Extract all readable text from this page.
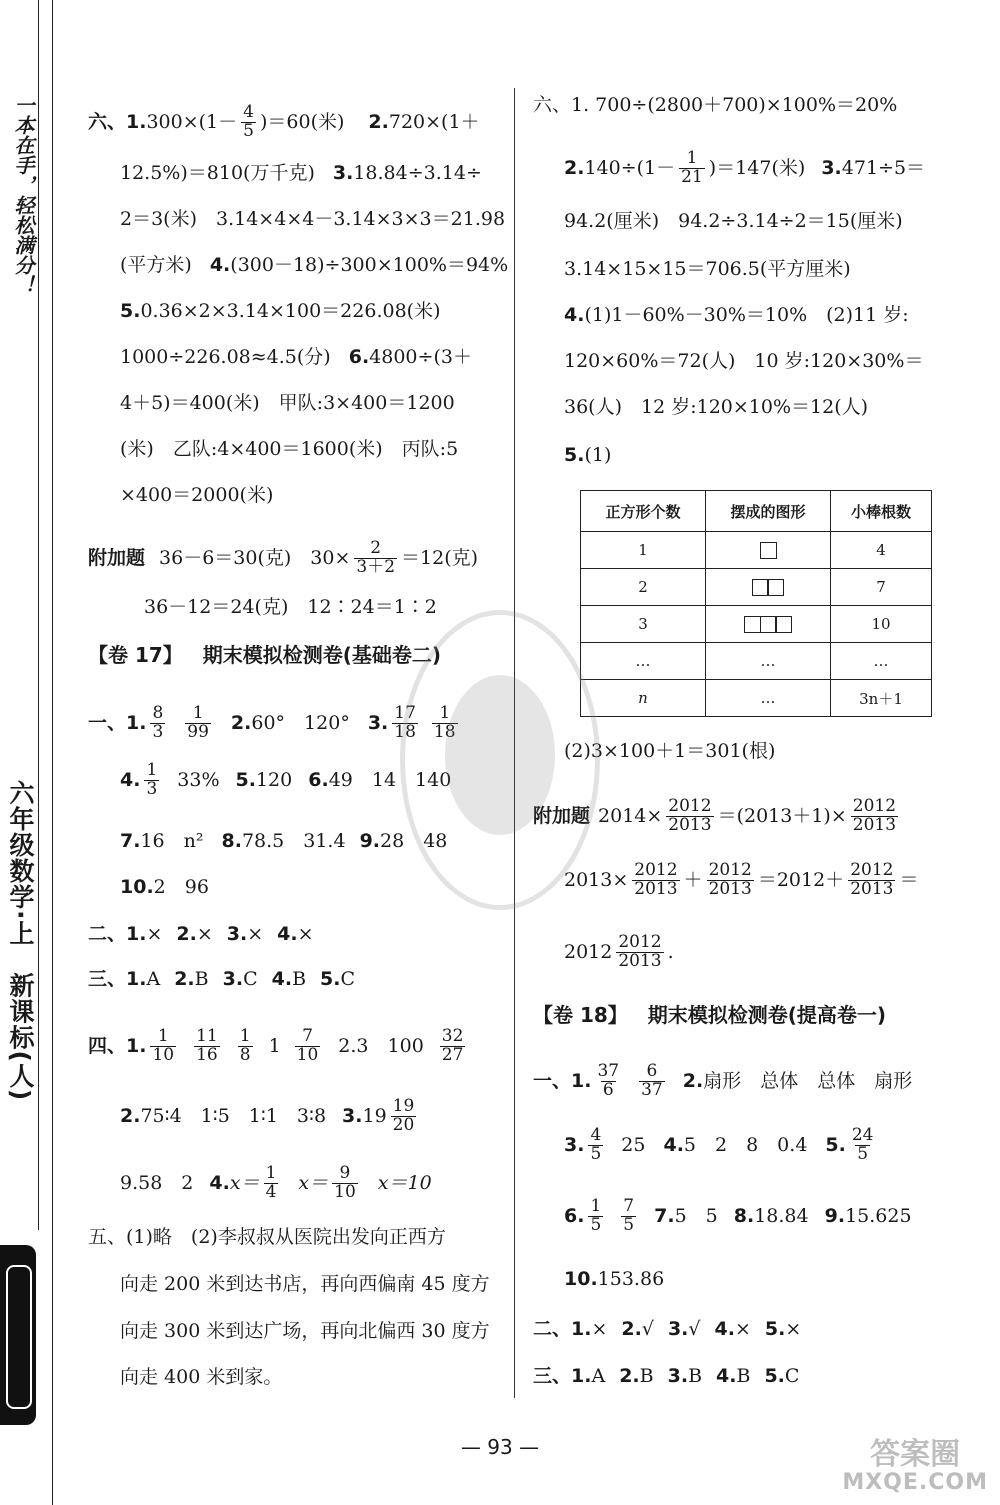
一本在手，轻松满分！
六年级数学·上　新课标(人)
六、1. $300\times (1- \frac{4}{5} )=60$(米) 2. 720×(1＋
12.5%)＝810(万千克) 3. 18.84÷3.14÷
2＝3(米)　3.14×4×4－3.14×3×3＝21.98
(平方米) 4. (300－18)÷300×100%＝94%
5. 0.36×2×3.14×100＝226.08(米)
1000÷226.08≈4.5(分) 6. 4800÷(3＋
4＋5)＝400(米)　甲队:3×400＝1200
(米)　乙队:4×400＝1600(米)　丙队:5
×400＝2000(米)
附加题 36－6＝30(克)　$30\times \frac{2}{3+2} =12$(克)
36－12＝24(克)　12∶24＝1∶2
【卷 17】 期末模拟检测卷(基础卷二)
一、1. $\frac{8}{3} \frac{1}{99} 2$. 60°　120° 3. $\frac{17}{18} \frac{1}{18}$
4. $\frac{1}{3} 33\%$ 5. 120 6. 49　14　140
7. 16　n² 8. 78.5　31.4 9. 28　48
10. 2　96
二、1. × 2. × 3. × 4. ×
三、1. A 2. B 3. C 4. B 5. C
四、1. $\frac{1}{10} \frac{11}{16} \frac{1}{8} 1 \frac{7}{10} 2.3$　$100 \frac{32}{27}$
2. 75∶4　1∶5　1∶1　3∶8 3. $19 \frac{19}{20}$
9.58　2 4. $x= \frac{1}{4} x= \frac{9}{10} x=10$
五、(1)略　(2)李叔叔从医院出发向正西方
向走 200 米到达书店，再向西偏南 45 度方
向走 300 米到达广场，再向北偏西 30 度方
向走 400 米到家。
六、1. 700÷(2800＋700)×100%＝20%
2. $140\div (1- \frac{1}{21} )=147$(米) 3. 471÷5＝
94.2(厘米)　94.2÷3.14÷2＝15(厘米)
3.14×15×15＝706.5(平方厘米)
4. (1)1－60%－30%＝10%　(2)11 岁:
120×60%＝72(人)　10 岁:120×30%＝
36(人)　12 岁:120×10%＝12(人)
5. (1)
正方形个数	摆成的图形	小棒根数
1		4
2		7
3		10
…	…	…
n	…	3n＋1
(2)3×100＋1＝301(根)
附加题 $2014\times \frac{2012}{2013} =(2013+1)\times \frac{2012}{2013}$
$2013\times \frac{2012}{2013} + \frac{2012}{2013} =2012+ \frac{2012}{2013}$ ＝
$2012 \frac{2012}{2013}$ .
【卷 18】 期末模拟检测卷(提高卷一)
一、1. $\frac{37}{6} \frac{6}{37} 2$. 扇形　总体　总体　扇形
3. $\frac{4}{5} 25$ 4. 5　2　8　0.4 5. $\frac{24}{5}$
6. $\frac{1}{5} \frac{7}{5} 7$. 5　5 8. 18.84 9. 15.625
10. 153.86
二、1. × 2. √ 3. √ 4. × 5. ×
三、1. A 2. B 3. B 4. B 5. C
— 93 —	答案圈
MXQE.COM
